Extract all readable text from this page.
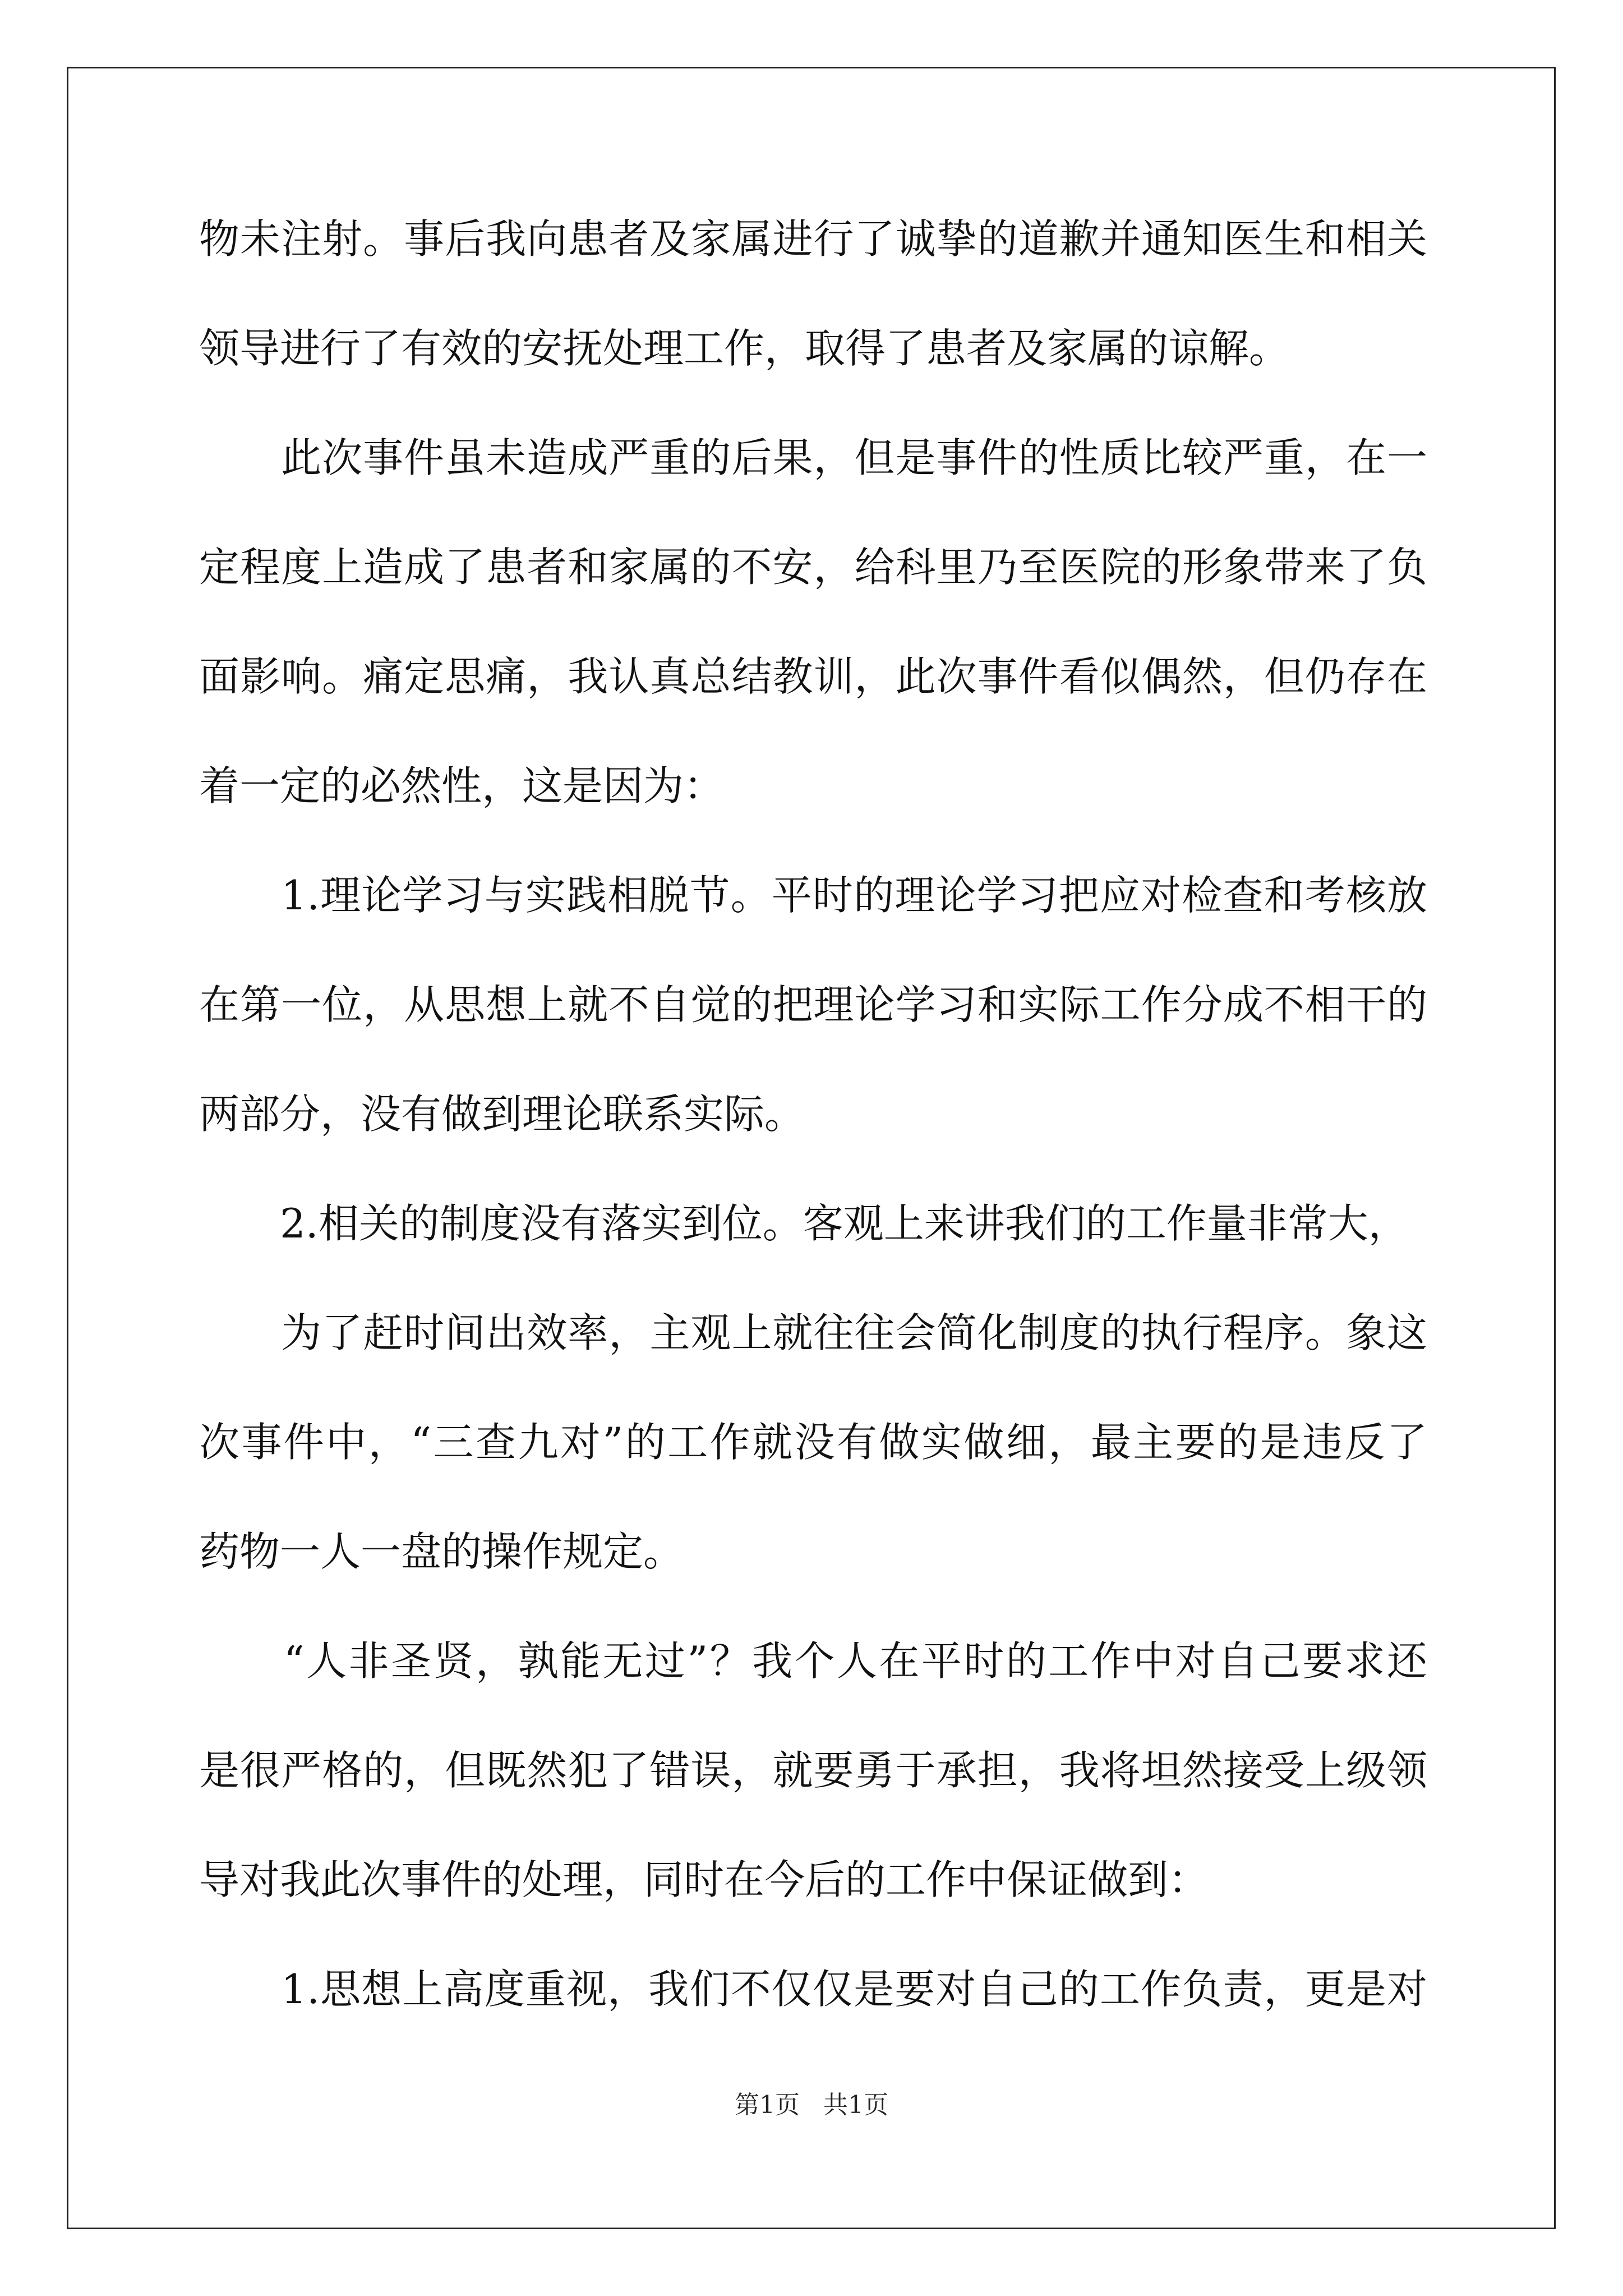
物未注射。事后我向患者及家属进行了诚挚的道歉并通知医生和相关
领导进行了有效的安抚处理工作，取得了患者及家属的谅解。
　　此次事件虽未造成严重的后果，但是事件的性质比较严重，在一
定程度上造成了患者和家属的不安，给科里乃至医院的形象带来了负
面影响。痛定思痛，我认真总结教训，此次事件看似偶然，但仍存在
着一定的必然性，这是因为：
　　1.理论学习与实践相脱节。平时的理论学习把应对检查和考核放
在第一位，从思想上就不自觉的把理论学习和实际工作分成不相干的
两部分，没有做到理论联系实际。
　　2.相关的制度没有落实到位。客观上来讲我们的工作量非常大，
　　为了赶时间出效率，主观上就往往会简化制度的执行程序。象这
次事件中，“三查九对”的工作就没有做实做细，最主要的是违反了
药物一人一盘的操作规定。
　　“人非圣贤，孰能无过”？我个人在平时的工作中对自己要求还
是很严格的，但既然犯了错误，就要勇于承担，我将坦然接受上级领
导对我此次事件的处理，同时在今后的工作中保证做到：
　　1.思想上高度重视，我们不仅仅是要对自己的工作负责，更是对
第1页   共1页
